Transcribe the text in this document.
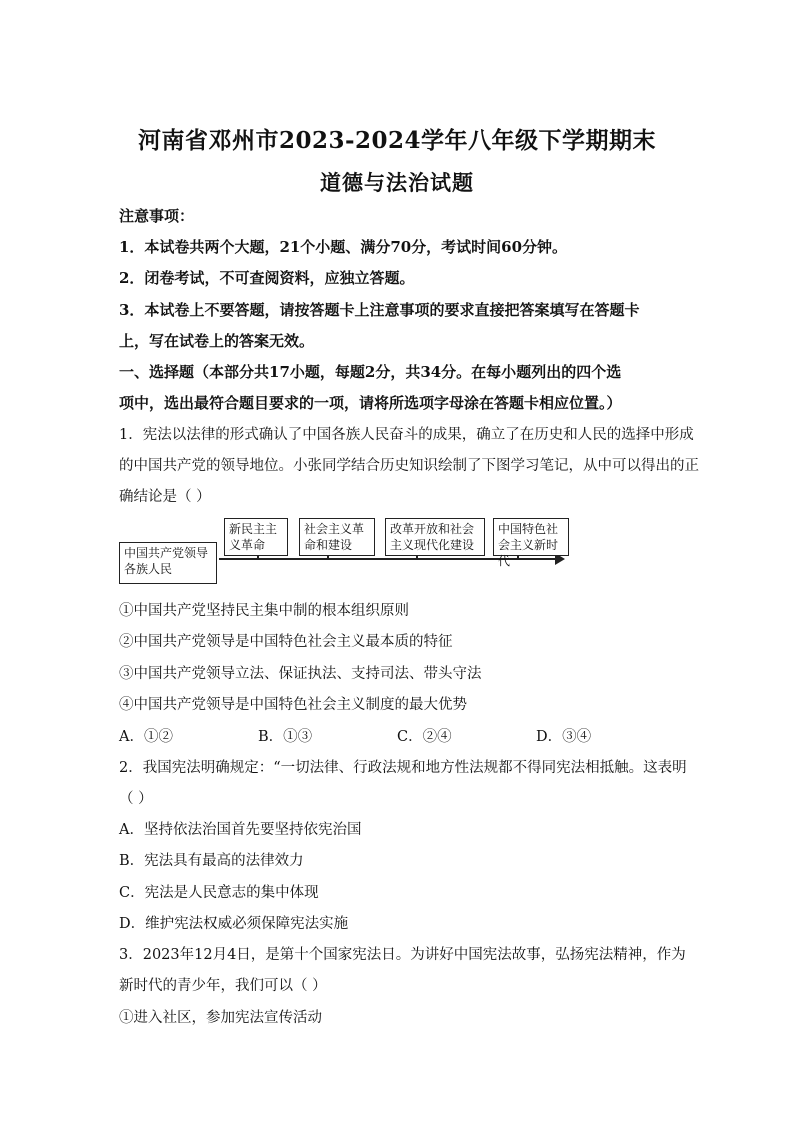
河南省邓州市2023-2024学年八年级下学期期末
道德与法治试题
注意事项：
1．本试卷共两个大题，21个小题、满分70分，考试时间60分钟。
2．闭卷考试，不可查阅资料，应独立答题。
3．本试卷上不要答题，请按答题卡上注意事项的要求直接把答案填写在答题卡
上，写在试卷上的答案无效。
一、选择题（本部分共17小题，每题2分，共34分。在每小题列出的四个选
项中，选出最符合题目要求的一项，请将所选项字母涂在答题卡相应位置。）
1．宪法以法律的形式确认了中国各族人民奋斗的成果，确立了在历史和人民的选择中形成
的中国共产党的领导地位。小张同学结合历史知识绘制了下图学习笔记，从中可以得出的正
确结论是（ ）
中国共产党领导各族人民
新民主主义革命
社会主义革命和建设
改革开放和社会主义现代化建设
中国特色社会主义新时代
①中国共产党坚持民主集中制的根本组织原则
②中国共产党领导是中国特色社会主义最本质的特征
③中国共产党领导立法、保证执法、支持司法、带头守法
④中国共产党领导是中国特色社会主义制度的最大优势
A．①②	B．①③	C．②④	D．③④
2．我国宪法明确规定：“一切法律、行政法规和地方性法规都不得同宪法相抵触。这表明
（ ）
A．坚持依法治国首先要坚持依宪治国
B．宪法具有最高的法律效力
C．宪法是人民意志的集中体现
D．维护宪法权威必须保障宪法实施
3．2023年12月4日，是第十个国家宪法日。为讲好中国宪法故事，弘扬宪法精神，作为
新时代的青少年，我们可以（ ）
①进入社区，参加宪法宣传活动
